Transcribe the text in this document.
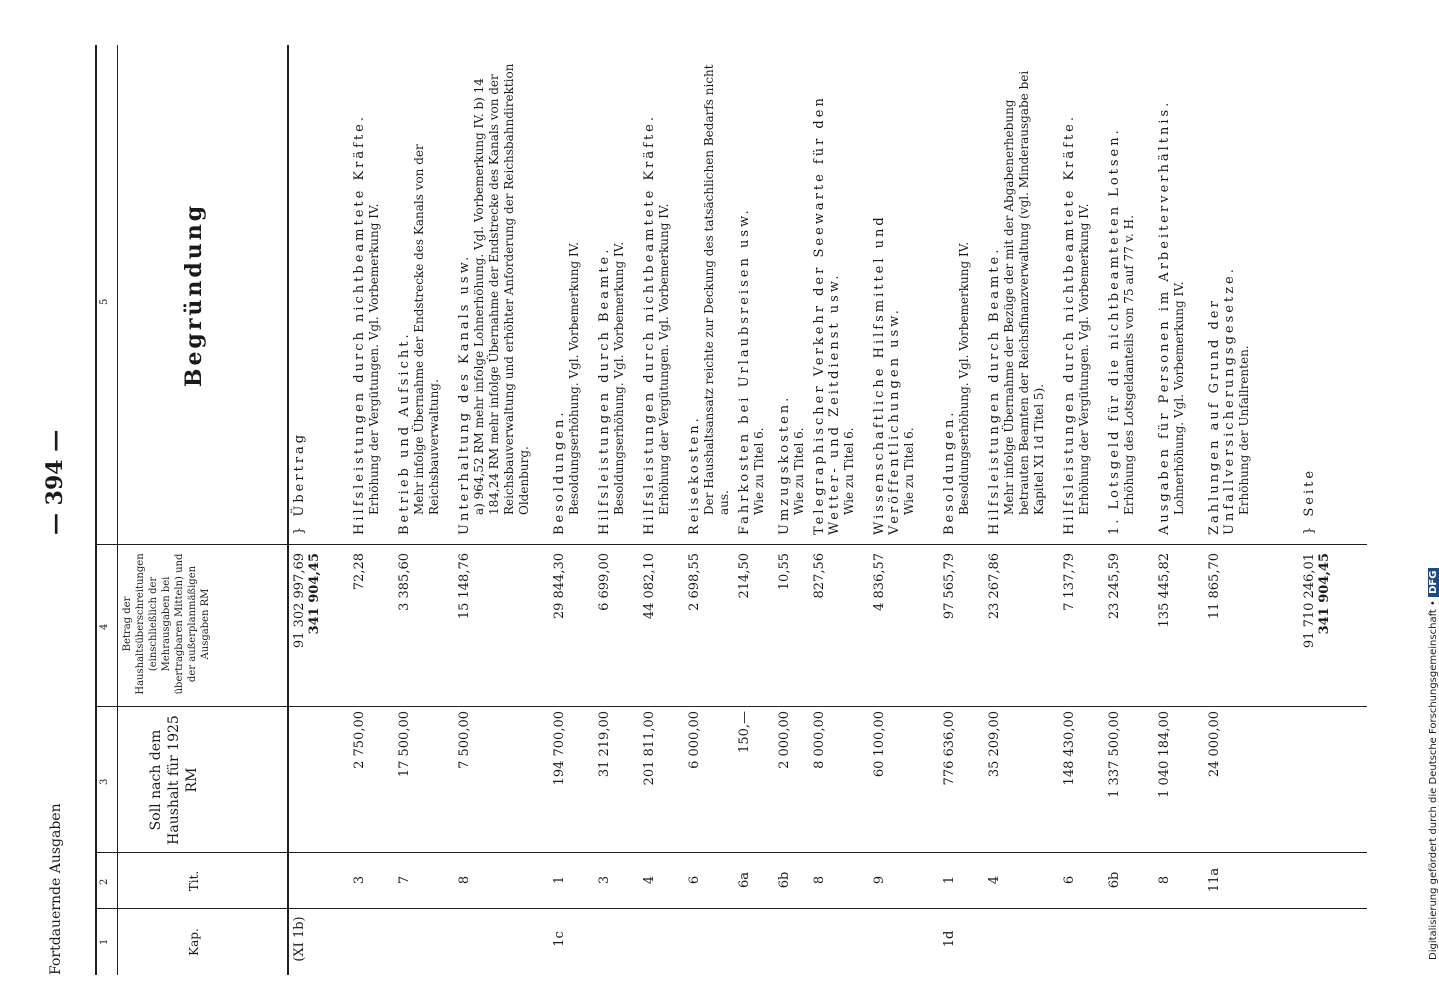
Fortdauernde Ausgaben
— 394 —
1
2
3
4
5
Kap.
Tit.
Soll nach dem Haushalt für 1925 RM
Betrag der Haushaltsüberschreitungen (einschließlich der Mehrausgaben bei übertragbaren Mitteln) und der außerplanmäßigen Ausgaben RM
Begründung
(XI 1b)
91 302 997,69 341 904,45
} Übertrag
3
2 750,00
72,28
Hilfsleistungen durch nichtbeamtete Kräfte. Erhöhung der Vergütungen. Vgl. Vorbemerkung IV.
7
17 500,00
3 385,60
Betrieb und Aufsicht. Mehr infolge Übernahme der Endstrecke des Kanals von der Reichsbauverwaltung.
8
7 500,00
15 148,76
Unterhaltung des Kanals usw. a) 964,52 RM mehr infolge Lohnerhöhung. Vgl. Vorbemerkung IV. b) 14 184,24 RM mehr infolge Übernahme der Endstrecke des Kanals von der Reichsbauverwaltung und erhöhter Anforderung der Reichsbahndirektion Oldenburg.
1c
1
194 700,00
29 844,30
Besoldungen. Besoldungserhöhung. Vgl. Vorbemerkung IV.
3
31 219,00
6 699,00
Hilfsleistungen durch Beamte. Besoldungserhöhung. Vgl. Vorbemerkung IV.
4
201 811,00
44 082,10
Hilfsleistungen durch nichtbeamtete Kräfte. Erhöhung der Vergütungen. Vgl. Vorbemerkung IV.
6
6 000,00
2 698,55
Reisekosten. Der Haushaltsansatz reichte zur Deckung des tatsächlichen Bedarfs nicht aus.
6a
150,—
214,50
Fahrkosten bei Urlaubsreisen usw. Wie zu Titel 6.
6b
2 000,00
10,55
Umzugskosten. Wie zu Titel 6.
8
8 000,00
827,56
Telegraphischer Verkehr der Seewarte für den Wetter- und Zeitdienst usw. Wie zu Titel 6.
9
60 100,00
4 836,57
Wissenschaftliche Hilfsmittel und Veröffentlichungen usw. Wie zu Titel 6.
1d
1
776 636,00
97 565,79
Besoldungen. Besoldungserhöhung. Vgl. Vorbemerkung IV.
4
35 209,00
23 267,86
Hilfsleistungen durch Beamte. Mehr infolge Übernahme der Bezüge der mit der Abgabenerhebung betrauten Beamten der Reichsfinanzverwaltung (vgl. Minderausgabe bei Kapitel XI 1d Titel 5).
6
148 430,00
7 137,79
Hilfsleistungen durch nichtbeamtete Kräfte. Erhöhung der Vergütungen. Vgl. Vorbemerkung IV.
6b
1 337 500,00
23 245,59
1. Lotsgeld für die nichtbeamteten Lotsen. Erhöhung des Lotsgeldanteils von 75 auf 77 v. H.
8
1 040 184,00
135 445,82
Ausgaben für Personen im Arbeiterverhältnis. Lohnerhöhung. Vgl. Vorbemerkung IV.
11a
24 000,00
11 865,70
Zahlungen auf Grund der Unfallversicherungsgesetze. Erhöhung der Unfallrenten.
91 710 246,01 341 904,45
} Seite
Digitalisierung gefördert durch die Deutsche Forschungsgemeinschaft • DFG
